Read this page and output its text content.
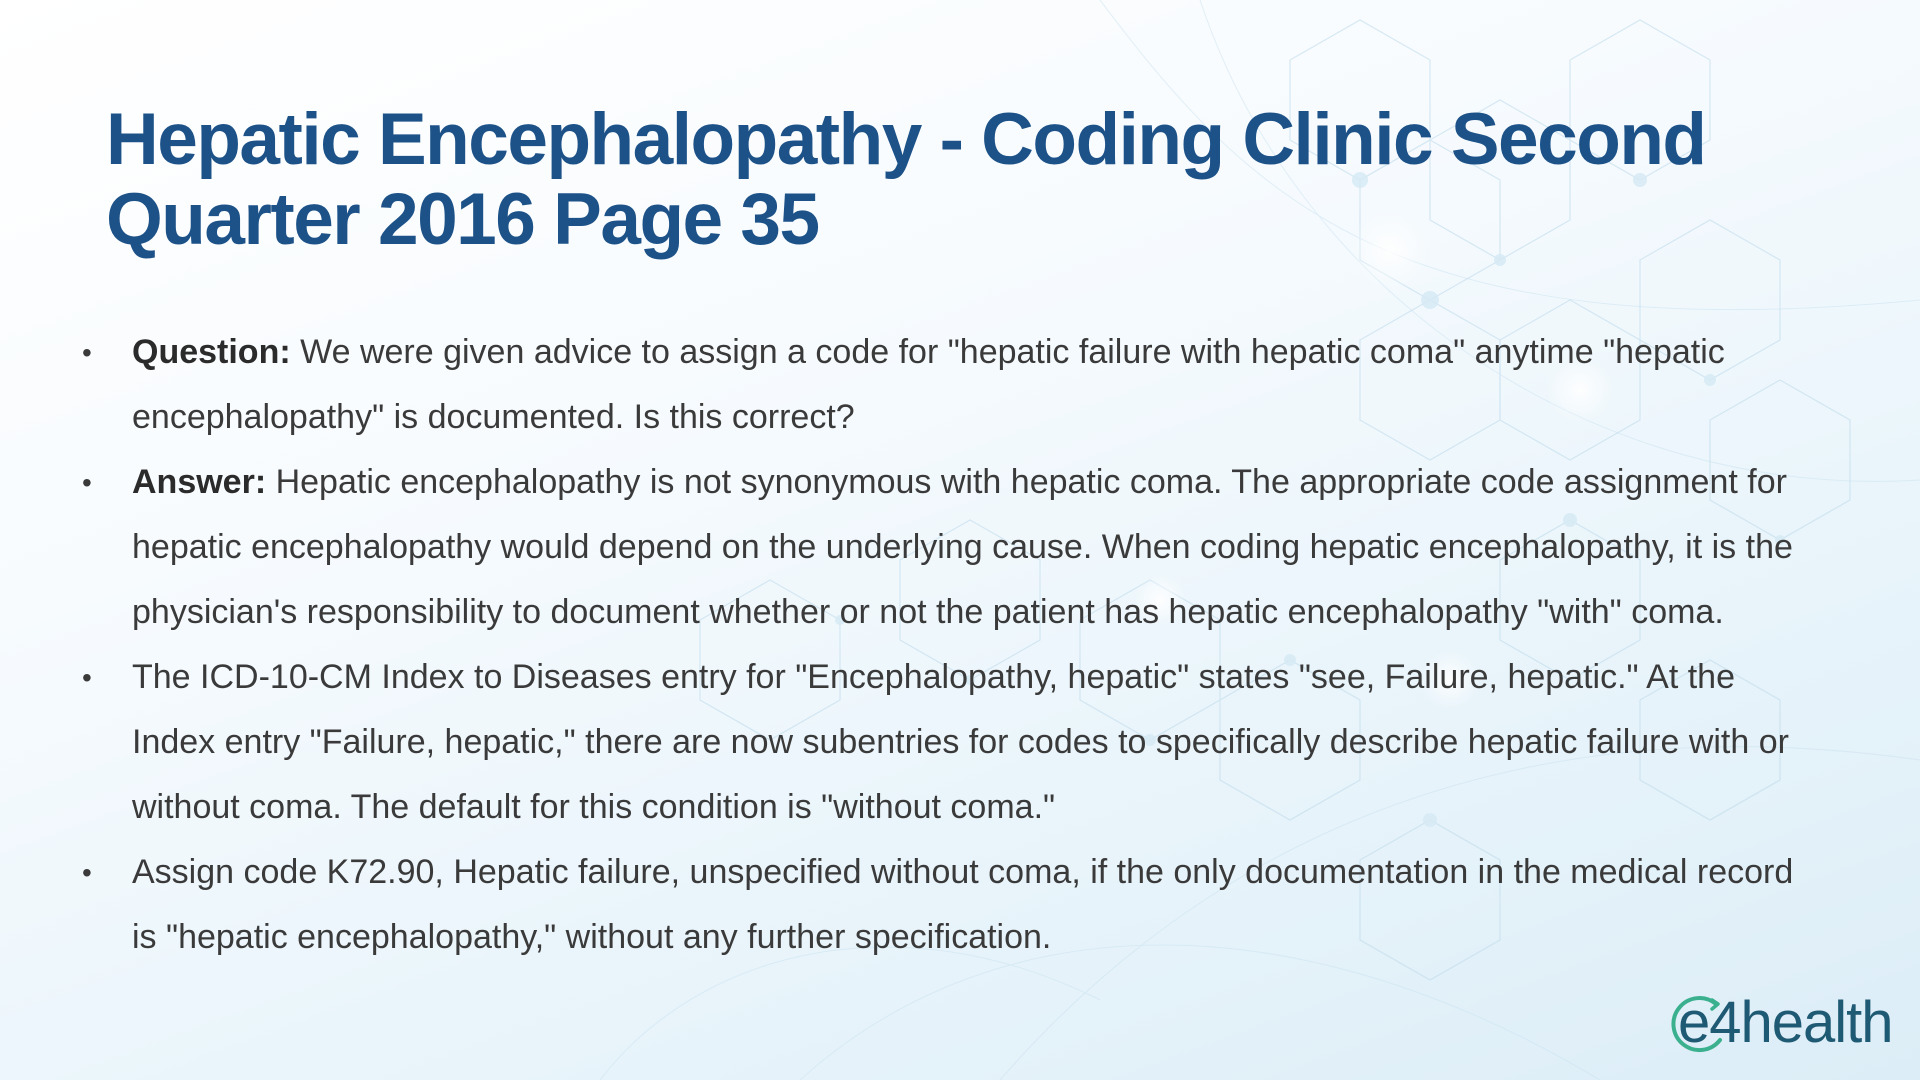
Hepatic Encephalopathy - Coding Clinic Second Quarter 2016 Page 35
• Question: We were given advice to assign a code for "hepatic failure with hepatic coma" anytime "hepatic encephalopathy" is documented. Is this correct?
• Answer: Hepatic encephalopathy is not synonymous with hepatic coma. The appropriate code assignment for hepatic encephalopathy would depend on the underlying cause. When coding hepatic encephalopathy, it is the physician's responsibility to document whether or not the patient has hepatic encephalopathy "with" coma.
• The ICD-10-CM Index to Diseases entry for "Encephalopathy, hepatic" states "see, Failure, hepatic." At the Index entry "Failure, hepatic," there are now subentries for codes to specifically describe hepatic failure with or without coma. The default for this condition is "without coma."
• Assign code K72.90, Hepatic failure, unspecified without coma, if the only documentation in the medical record is "hepatic encephalopathy," without any further specification.
e4health
